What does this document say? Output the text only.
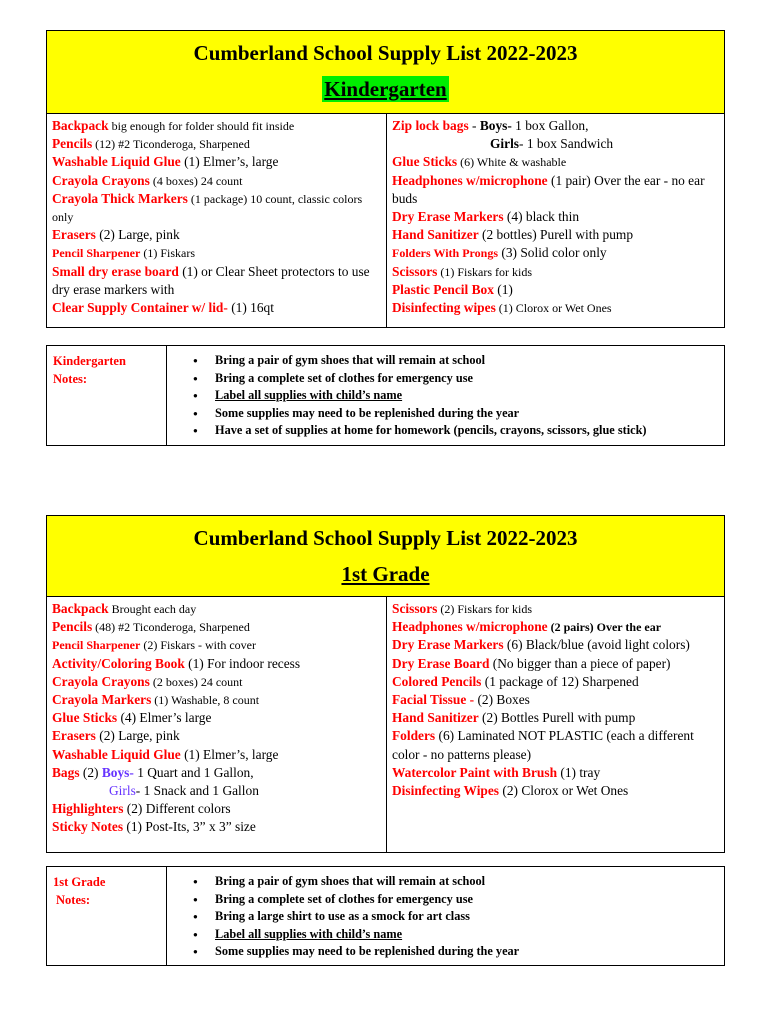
Cumberland School Supply List 2022-2023
Kindergarten
Backpack big enough for folder should fit inside
Pencils (12) #2 Ticonderoga, Sharpened
Washable Liquid Glue (1) Elmer’s, large
Crayola Crayons (4 boxes) 24 count
Crayola Thick Markers (1 package) 10 count, classic colors only
Erasers (2) Large, pink
Pencil Sharpener (1) Fiskars
Small dry erase board (1) or Clear Sheet protectors to use dry erase markers with
Clear Supply Container w/ lid- (1) 16qt
Zip lock bags - Boys- 1 box Gallon,
Girls- 1 box Sandwich
Glue Sticks (6) White & washable
Headphones w/microphone (1 pair) Over the ear - no ear buds
Dry Erase Markers (4) black thin
Hand Sanitizer (2 bottles) Purell with pump
Folders With Prongs (3) Solid color only
Scissors (1) Fiskars for kids
Plastic Pencil Box (1)
Disinfecting wipes (1) Clorox or Wet Ones
Kindergarten
Notes:
● Bring a pair of gym shoes that will remain at school
● Bring a complete set of clothes for emergency use
● Label all supplies with child’s name
● Some supplies may need to be replenished during the year
● Have a set of supplies at home for homework (pencils, crayons, scissors, glue stick)
Cumberland School Supply List 2022-2023
1st Grade
Backpack Brought each day
Pencils (48) #2 Ticonderoga, Sharpened
Pencil Sharpener (2) Fiskars - with cover
Activity/Coloring Book (1) For indoor recess
Crayola Crayons (2 boxes) 24 count
Crayola Markers (1) Washable, 8 count
Glue Sticks (4) Elmer’s large
Erasers (2) Large, pink
Washable Liquid Glue (1) Elmer’s, large
Bags (2) Boys- 1 Quart and 1 Gallon,
Girls- 1 Snack and 1 Gallon
Highlighters (2) Different colors
Sticky Notes (1) Post-Its, 3” x 3” size
Scissors (2) Fiskars for kids
Headphones w/microphone (2 pairs) Over the ear
Dry Erase Markers (6) Black/blue (avoid light colors)
Dry Erase Board (No bigger than a piece of paper)
Colored Pencils (1 package of 12) Sharpened
Facial Tissue - (2) Boxes
Hand Sanitizer (2) Bottles Purell with pump
Folders (6) Laminated NOT PLASTIC (each a different color - no patterns please)
Watercolor Paint with Brush (1) tray
Disinfecting Wipes (2) Clorox or Wet Ones
1st Grade
Notes:
● Bring a pair of gym shoes that will remain at school
● Bring a complete set of clothes for emergency use
● Bring a large shirt to use as a smock for art class
● Label all supplies with child’s name
● Some supplies may need to be replenished during the year
